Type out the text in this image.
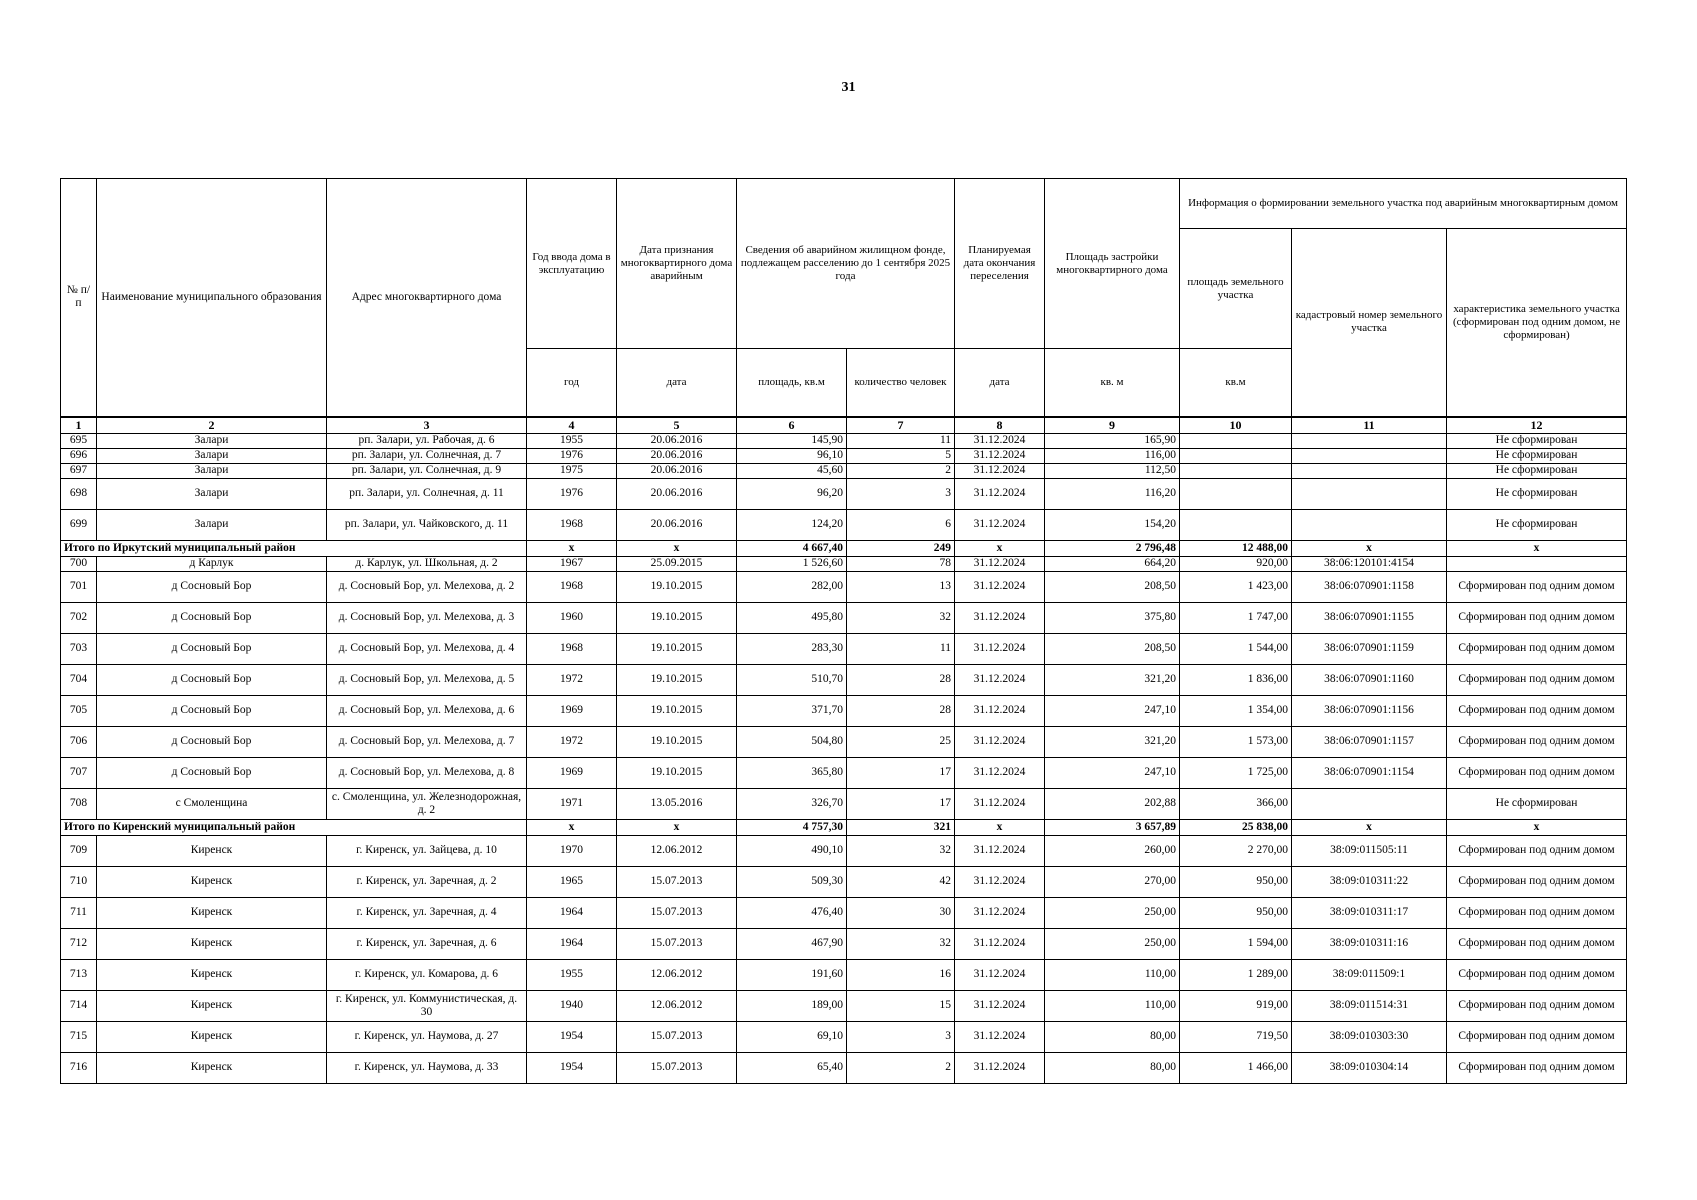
31
№ п/п	Наименование муниципального образования	Адрес многоквартирного дома	Год ввода дома в эксплуатацию	Дата признания многоквартирного дома аварийным	Сведения об аварийном жилищном фонде, подлежащем расселению до 1 сентября 2025 года		Планируемая дата окончания переселения	Площадь застройки многоквартирного дома	Информация о формировании земельного участка под аварийным многоквартирным домом		
									площадь земельного участка	кадастровый номер земельного участка	характеристика земельного участка (сформирован под одним домом, не сформирован)
			год	дата	площадь, кв.м	количество человек	дата	кв. м	кв.м		
1	2	3	4	5	6	7	8	9	10	11	12
695	Залари	рп. Залари, ул. Рабочая, д. 6	1955	20.06.2016	145,90	11	31.12.2024	165,90			Не сформирован
696	Залари	рп. Залари, ул. Солнечная, д. 7	1976	20.06.2016	96,10	5	31.12.2024	116,00			Не сформирован
697	Залари	рп. Залари, ул. Солнечная, д. 9	1975	20.06.2016	45,60	2	31.12.2024	112,50			Не сформирован
698	Залари	рп. Залари, ул. Солнечная, д. 11	1976	20.06.2016	96,20	3	31.12.2024	116,20			Не сформирован
699	Залари	рп. Залари, ул. Чайковского, д. 11	1968	20.06.2016	124,20	6	31.12.2024	154,20			Не сформирован
Итого по Иркутский муниципальный район			x	x	4 667,40	249	x	2 796,48	12 488,00	x	x
700	д Карлук	д. Карлук, ул. Школьная, д. 2	1967	25.09.2015	1 526,60	78	31.12.2024	664,20	920,00	38:06:120101:4154	
701	д Сосновый Бор	д. Сосновый Бор, ул. Мелехова, д. 2	1968	19.10.2015	282,00	13	31.12.2024	208,50	1 423,00	38:06:070901:1158	Сформирован под одним домом
702	д Сосновый Бор	д. Сосновый Бор, ул. Мелехова, д. 3	1960	19.10.2015	495,80	32	31.12.2024	375,80	1 747,00	38:06:070901:1155	Сформирован под одним домом
703	д Сосновый Бор	д. Сосновый Бор, ул. Мелехова, д. 4	1968	19.10.2015	283,30	11	31.12.2024	208,50	1 544,00	38:06:070901:1159	Сформирован под одним домом
704	д Сосновый Бор	д. Сосновый Бор, ул. Мелехова, д. 5	1972	19.10.2015	510,70	28	31.12.2024	321,20	1 836,00	38:06:070901:1160	Сформирован под одним домом
705	д Сосновый Бор	д. Сосновый Бор, ул. Мелехова, д. 6	1969	19.10.2015	371,70	28	31.12.2024	247,10	1 354,00	38:06:070901:1156	Сформирован под одним домом
706	д Сосновый Бор	д. Сосновый Бор, ул. Мелехова, д. 7	1972	19.10.2015	504,80	25	31.12.2024	321,20	1 573,00	38:06:070901:1157	Сформирован под одним домом
707	д Сосновый Бор	д. Сосновый Бор, ул. Мелехова, д. 8	1969	19.10.2015	365,80	17	31.12.2024	247,10	1 725,00	38:06:070901:1154	Сформирован под одним домом
708	с Смоленщина	с. Смоленщина, ул. Железнодорожная, д. 2	1971	13.05.2016	326,70	17	31.12.2024	202,88	366,00		Не сформирован
Итого по Киренский муниципальный район			x	x	4 757,30	321	x	3 657,89	25 838,00	x	x
709	Киренск	г. Киренск, ул. Зайцева, д. 10	1970	12.06.2012	490,10	32	31.12.2024	260,00	2 270,00	38:09:011505:11	Сформирован под одним домом
710	Киренск	г. Киренск, ул. Заречная, д. 2	1965	15.07.2013	509,30	42	31.12.2024	270,00	950,00	38:09:010311:22	Сформирован под одним домом
711	Киренск	г. Киренск, ул. Заречная, д. 4	1964	15.07.2013	476,40	30	31.12.2024	250,00	950,00	38:09:010311:17	Сформирован под одним домом
712	Киренск	г. Киренск, ул. Заречная, д. 6	1964	15.07.2013	467,90	32	31.12.2024	250,00	1 594,00	38:09:010311:16	Сформирован под одним домом
713	Киренск	г. Киренск, ул. Комарова, д. 6	1955	12.06.2012	191,60	16	31.12.2024	110,00	1 289,00	38:09:011509:1	Сформирован под одним домом
714	Киренск	г. Киренск, ул. Коммунистическая, д. 30	1940	12.06.2012	189,00	15	31.12.2024	110,00	919,00	38:09:011514:31	Сформирован под одним домом
715	Киренск	г. Киренск, ул. Наумова, д. 27	1954	15.07.2013	69,10	3	31.12.2024	80,00	719,50	38:09:010303:30	Сформирован под одним домом
716	Киренск	г. Киренск, ул. Наумова, д. 33	1954	15.07.2013	65,40	2	31.12.2024	80,00	1 466,00	38:09:010304:14	Сформирован под одним домом
